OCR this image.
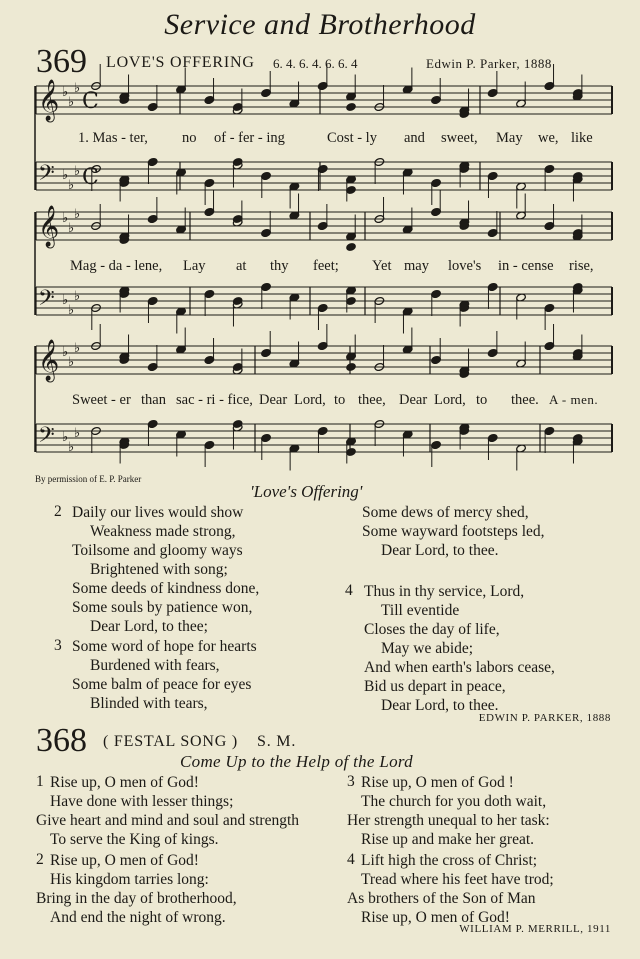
Service and Brotherhood
369 LOVE'S OFFERING 6. 4. 6. 4. 6. 6. 4	Edwin P. Parker, 1888
𝄞 ♭
♭
♭
𝄢 ♭
♭
♭
𝄞 ♭
♭
♭
𝄢 ♭
♭
♭
𝄞 ♭
♭
♭
𝄢 ♭
♭
♭
C
C
1. Mas - ter, no of - fer - ing	Cost - ly and sweet, May we, like
Mag - da - lene, Lay at thy feet; Yet may love's in - cense rise,
Sweet - er than sac - ri - fice, Dear Lord, to thee, Dear Lord, to thee. A - men.
By permission of E. P. Parker
'Love's Offering'
2 Daily our lives would show
Weakness made strong,
Toilsome and gloomy ways
Brightened with song;
Some deeds of kindness done,
Some souls by patience won,
Dear Lord, to thee;
3 Some word of hope for hearts
Burdened with fears,
Some balm of peace for eyes
Blinded with tears,
Some dews of mercy shed,
Some wayward footsteps led,
Dear Lord, to thee.
4 Thus in thy service, Lord,
Till eventide
Closes the day of life,
May we abide;
And when earth's labors cease,
Bid us depart in peace,
Dear Lord, to thee.
EDWIN P. PARKER, 1888
368 ( FESTAL SONG ) S. M.
Come Up to the Help of the Lord
1 Rise up, O men of God!
Have done with lesser things;
Give heart and mind and soul and strength
To serve the King of kings.
2 Rise up, O men of God!
His kingdom tarries long:
Bring in the day of brotherhood,
And end the night of wrong.
3 Rise up, O men of God !
The church for you doth wait,
Her strength unequal to her task:
Rise up and make her great.
4 Lift high the cross of Christ;
Tread where his feet have trod;
As brothers of the Son of Man
Rise up, O men of God!
WILLIAM P. MERRILL, 1911
